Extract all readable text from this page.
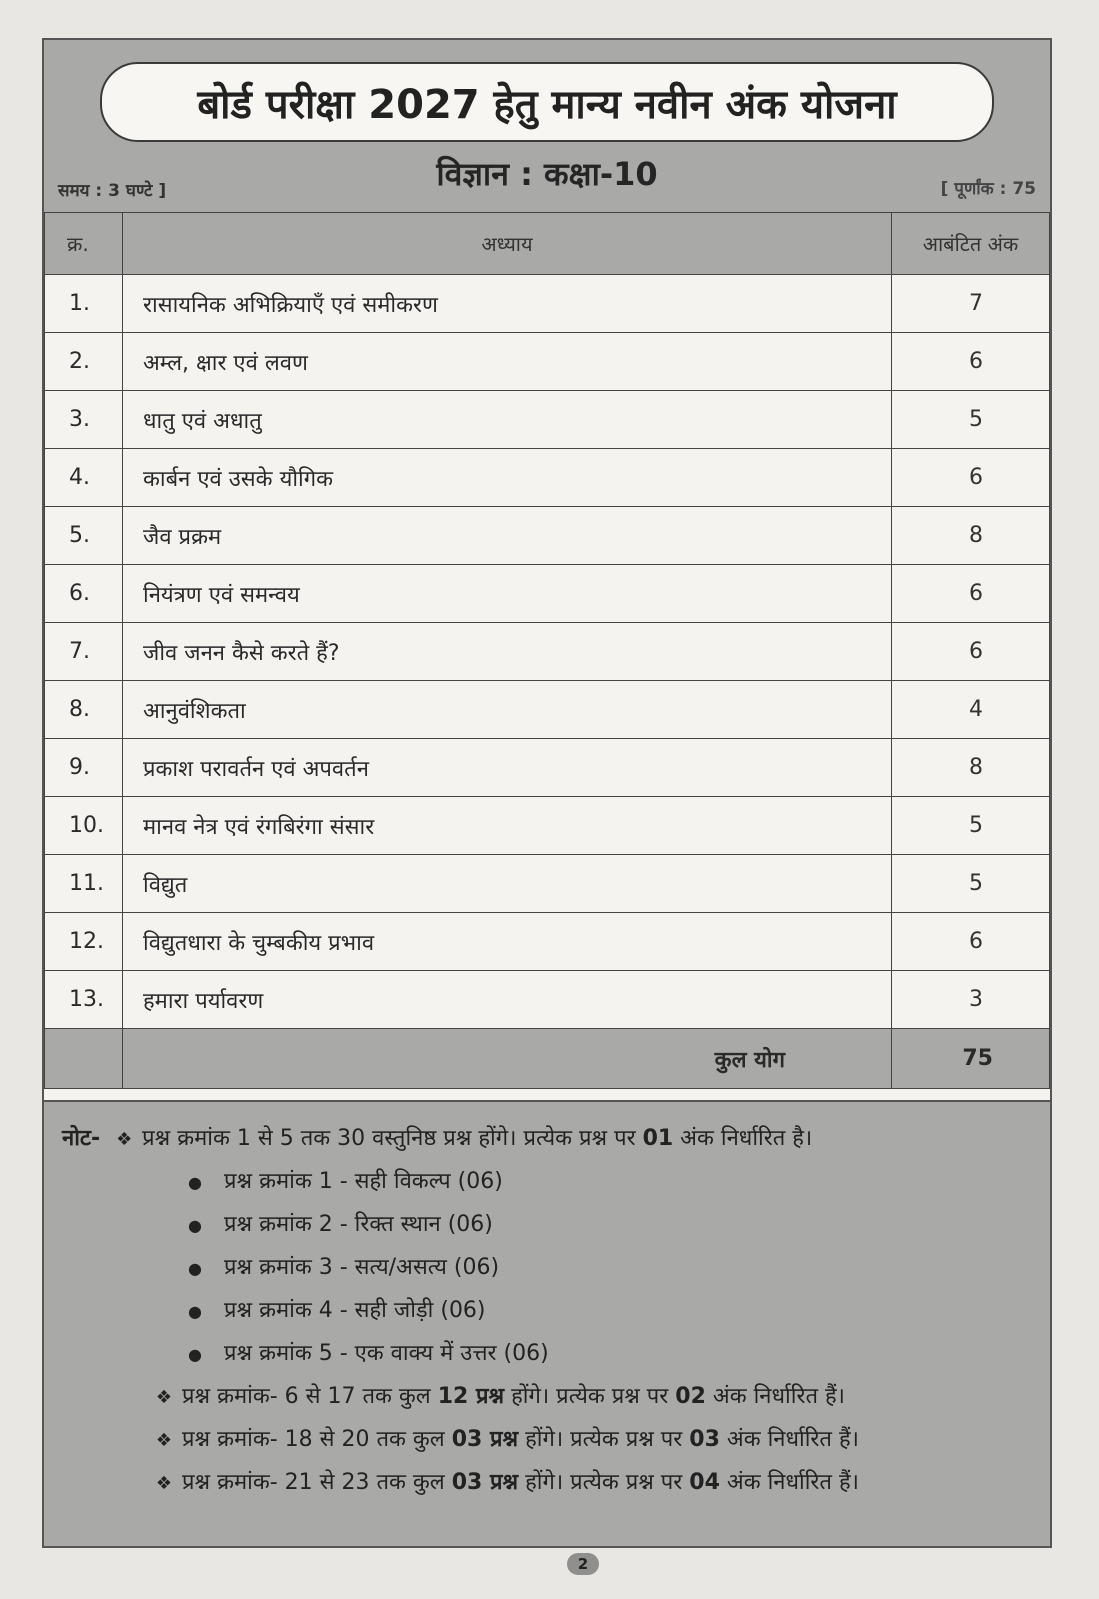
बोर्ड परीक्षा 2027 हेतु मान्य नवीन अंक योजना
समय : 3 घण्टे ]	विज्ञान : कक्षा-10	[ पूर्णांक : 75
क्र.	अध्याय	आबंटित अंक
1.	रासायनिक अभिक्रियाएँ एवं समीकरण	7
2.	अम्ल, क्षार एवं लवण	6
3.	धातु एवं अधातु	5
4.	कार्बन एवं उसके यौगिक	6
5.	जैव प्रक्रम	8
6.	नियंत्रण एवं समन्वय	6
7.	जीव जनन कैसे करते हैं?	6
8.	आनुवंशिकता	4
9.	प्रकाश परावर्तन एवं अपवर्तन	8
10.	मानव नेत्र एवं रंगबिरंगा संसार	5
11.	विद्युत	5
12.	विद्युतधारा के चुम्बकीय प्रभाव	6
13.	हमारा पर्यावरण	3
	कुल योग	75
नोट- ❖ प्रश्न क्रमांक 1 से 5 तक 30 वस्तुनिष्ठ प्रश्न होंगे। प्रत्येक प्रश्न पर 01 अंक निर्धारित है।
●	प्रश्न क्रमांक 1 - सही विकल्प (06)
●	प्रश्न क्रमांक 2 - रिक्त स्थान (06)
●	प्रश्न क्रमांक 3 - सत्य/असत्य (06)
●	प्रश्न क्रमांक 4 - सही जोड़ी (06)
●	प्रश्न क्रमांक 5 - एक वाक्य में उत्तर (06)
❖ प्रश्न क्रमांक- 6 से 17 तक कुल 12 प्रश्न होंगे। प्रत्येक प्रश्न पर 02 अंक निर्धारित हैं।
❖ प्रश्न क्रमांक- 18 से 20 तक कुल 03 प्रश्न होंगे। प्रत्येक प्रश्न पर 03 अंक निर्धारित हैं।
❖ प्रश्न क्रमांक- 21 से 23 तक कुल 03 प्रश्न होंगे। प्रत्येक प्रश्न पर 04 अंक निर्धारित हैं।
2
